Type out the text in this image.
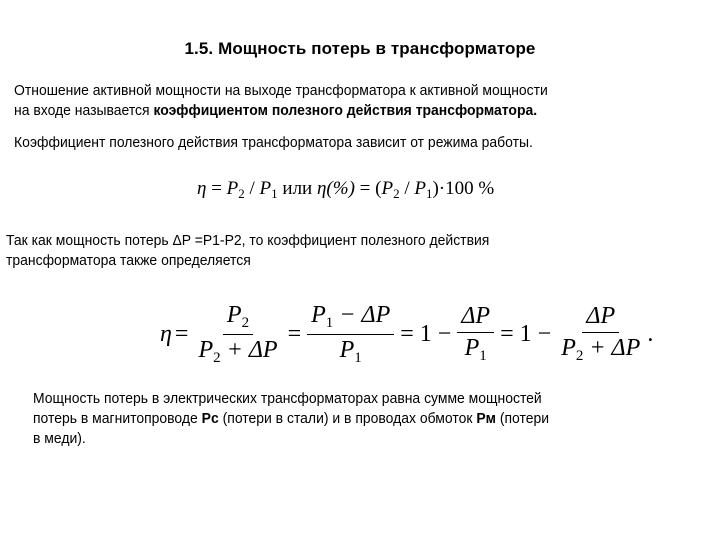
1.5. Мощность потерь в трансформаторе
Отношение активной мощности на выходе трансформатора к активной мощности
на входе называется коэффициентом полезного действия трансформатора.
Коэффициент полезного действия трансформатора зависит от режима работы.
$\eta = P_2 / P_1$ или $\eta(\%) = (P_2 / P_1)\cdot 100$ %
Так как мощность потерь ΔP =P1-P2, то коэффициент полезного действия
трансформатора также определяется
$\eta = \frac{P_2}{P_2 + \Delta P} = \frac{P_1 - \Delta P}{P_1} = 1 - \frac{\Delta P}{P_1} = 1 - \frac{\Delta P}{P_2 + \Delta P}$ .
Мощность потерь в электрических трансформаторах равна сумме мощностей
потерь в магнитопроводе Рс (потери в стали) и в проводах обмоток Рм (потери
в меди).
